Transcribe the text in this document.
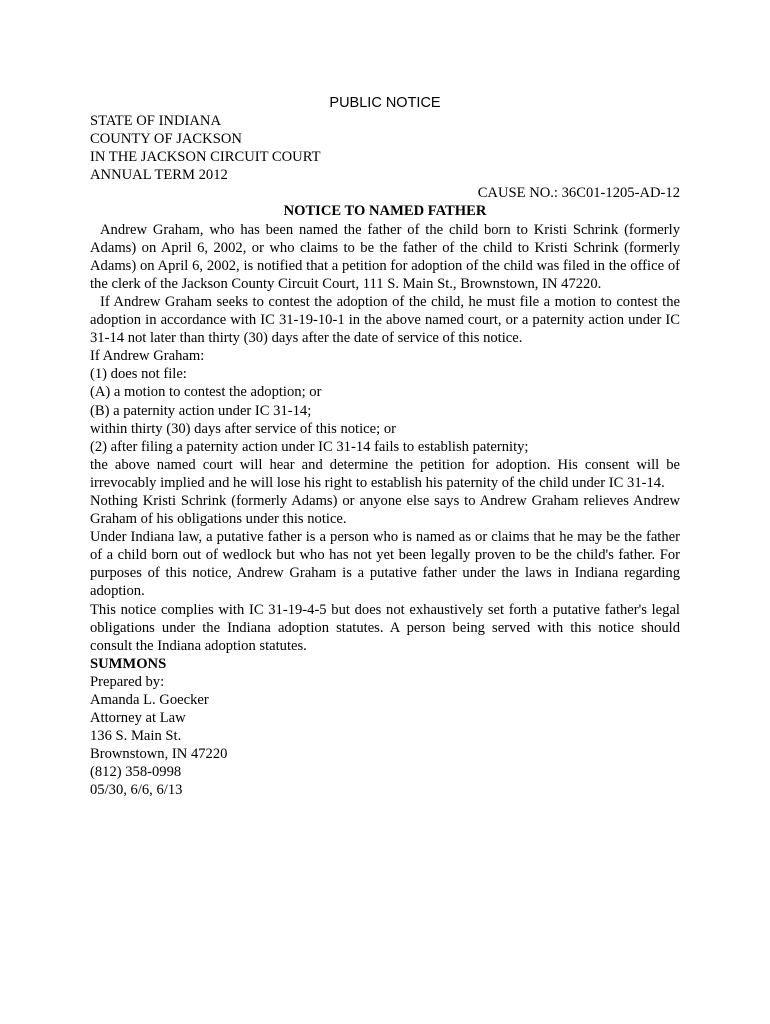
PUBLIC NOTICE
STATE OF INDIANA
COUNTY OF JACKSON
IN THE JACKSON CIRCUIT COURT
ANNUAL TERM 2012
CAUSE NO.: 36C01-1205-AD-12
NOTICE TO NAMED FATHER
Andrew Graham, who has been named the father of the child born to Kristi Schrink (formerly Adams) on April 6, 2002, or who claims to be the father of the child to Kristi Schrink (formerly Adams) on April 6, 2002, is notified that a petition for adoption of the child was filed in the office of the clerk of the Jackson County Circuit Court, 111 S. Main St., Brownstown, IN 47220.
If Andrew Graham seeks to contest the adoption of the child, he must file a motion to contest the adoption in accordance with IC 31-19-10-1 in the above named court, or a paternity action under IC 31-14 not later than thirty (30) days after the date of service of this notice.
If Andrew Graham:
(1) does not file:
(A) a motion to contest the adoption; or
(B) a paternity action under IC 31-14;
within thirty (30) days after service of this notice; or
(2) after filing a paternity action under IC 31-14 fails to establish paternity;
the above named court will hear and determine the petition for adoption. His consent will be irrevocably implied and he will lose his right to establish his paternity of the child under IC 31-14.
Nothing Kristi Schrink (formerly Adams) or anyone else says to Andrew Graham relieves Andrew Graham of his obligations under this notice.
Under Indiana law, a putative father is a person who is named as or claims that he may be the father of a child born out of wedlock but who has not yet been legally proven to be the child's father. For purposes of this notice, Andrew Graham is a putative father under the laws in Indiana regarding adoption.
This notice complies with IC 31-19-4-5 but does not exhaustively set forth a putative father's legal obligations under the Indiana adoption statutes. A person being served with this notice should consult the Indiana adoption statutes.
SUMMONS
Prepared by:
Amanda L. Goecker
Attorney at Law
136 S. Main St.
Brownstown, IN 47220
(812) 358-0998
05/30, 6/6, 6/13
